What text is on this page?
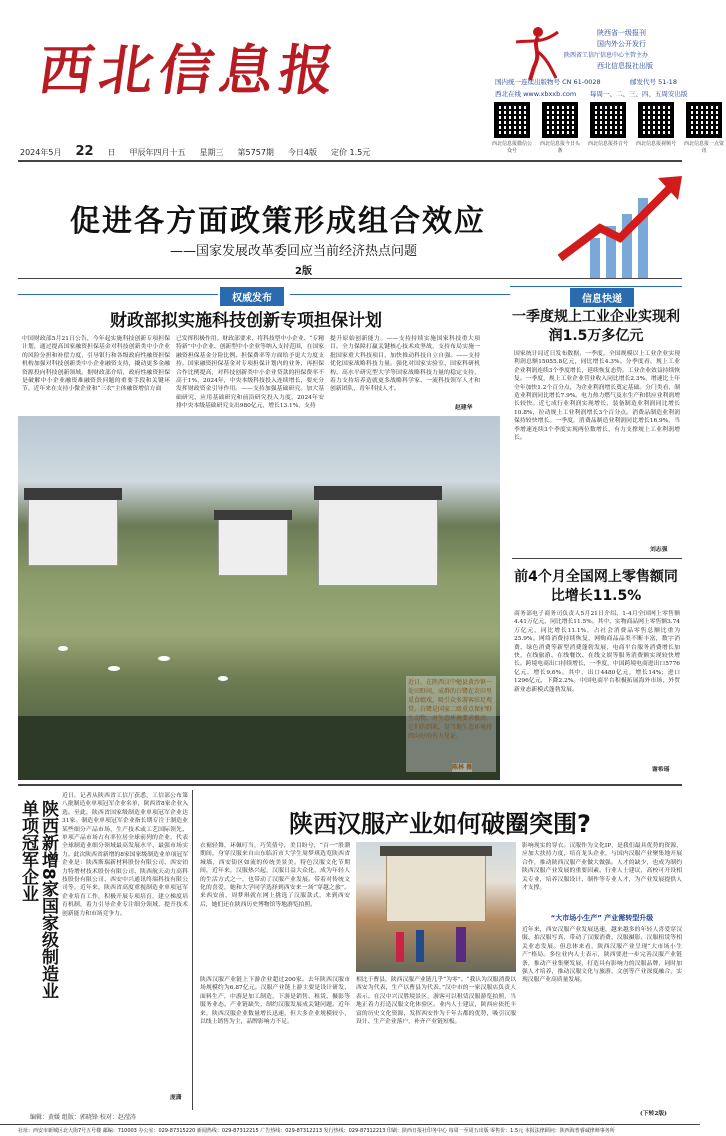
西北信息报
陕西省一级报刊
国内外公开发行
陕西省工信厅信息中心主管主办
西北信息报社出版
国内统一连续出版物号 CN 61-0028	邮发代号 51-18
西北在线 www.xbxxb.com 每周一、二、三、四、五周安出版
西北信息报微信公众号
西北信息报今日头条
西北信息报抖音号	西北信息报视频号	西北信息报一点资讯
2024年5月 22 日 甲辰年四月十五 星期三 第5757期 今日4版 定价 1.5元
促进各方面政策形成组合效应
——国家发展改革委回应当前经济热点问题
2版
权威发布
财政部拟实施科技创新专项担保计划
中国财政部5月21日公告，今年起实施科技创新专项担保计划，通过提高国家融资担保基金对科技创新类中小企业的风险分担和补偿力度，引导银行和各级政府性融资担保机构加强对科技创新类中小企业融资支持，撬动更多金融资源投向科技创新领域。据财政部介绍，政府性融资担保是破解中小企业融资难融资贵问题的重要手段和关键环节。近年来在支持小微企业和“三农”主体融资增信方面
已发挥积极作用。财政部要求，将科技型中小企业、“专精特新”中小企业、创新型中小企业等纳入支持范围，在国家融资担保基金分险比例、担保费率等方面给予更大力度支持。国家融资担保基金对专项担保计划内的业务，再担保合作比例提高，对科技创新类中小企业贷款的担保费率不高于1%，2024年，中央本级科技投入连续增长，要充分发挥财政资金引导作用。——支持加强基础研究。加大基础研究、应用基础研究和前沿研究投入力度，2024年安排中央本级基础研究支出980亿元，增长13.1%，支持
提升原始创新能力。——支持持续实施国家科技重大项目。全力保障打赢关键核心技术攻坚战，支持布局实施一批国家重大科技项目，加快推动科技自立自强。——支持优化国家战略科技力量。强化对国家实验室、国家科研机构、高水平研究型大学等国家战略科技力量的稳定支持，着力支持培养造就更多战略科学家、一流科技领军人才和创新团队，青年科技人才。
赵建华
近日，在陕西汉中勉县黄沙镇一处田野间，成群的白鹭在农田里觅食嬉戏，吸引众多游客驻足观赏。白鹭是国家二级重点保护野生动物，对生态环境要求极高，它们的到来，是当地生态环境持续向好的有力见证。
陈林 摄
信息快递
一季度规上工业企业实现利润1.5万多亿元
国家统计局近日发布数据，一季度，全国规模以上工业企业实现利润总额15055.8亿元，同比增长4.3%。分季度看，规上工业企业利润连续3个季度增长，延续恢复态势。工业企业效益持续恢复。一季度，规上工业企业营业收入同比增长2.3%，增速比上年全年加快1.2个百分点，为企业利润增长奠定基础。分门类看，制造业利润同比增长7.9%。电力热力燃气及水生产和供应业利润增长较快。近七成行业利润实现增长，装备制造业利润同比增长10.8%，拉动规上工业利润增长3个百分点。消费品制造业利润保持较快增长。一季度，消费品制造业利润同比增长16.9%，当季增速连续3个季度实现两位数增长，有力支撑规上工业利润增长。
刘志强
前4个月全国网上零售额同比增长11.5%
商务部电子商务司负责人5月21日介绍，1-4月全国网上零售额4.41万亿元，同比增长11.5%。其中，实物商品网上零售额3.74万亿元，同比增长11.1%，占社会消费品零售总额比重为25.9%。网络消费持续恢复，网购商品品类不断丰富，数字消费、绿色消费等新型消费蓬勃发展，电商平台服务消费增长加快，在线旅游、在线餐饮、在线文娱等服务消费额实现较快增长。跨境电商出口持续增长，一季度，中国跨境电商进出口5776亿元，增长9.6%。其中，出口4480亿元，增长14%；进口1296亿元，下降2.2%。中国电商平台积极拓展海外市场，外贸新业态新模式蓬勃发展。
谢希瑶
陕西新增8家国家级制造业单项冠军企业
近日，记者从陕西省工信厅获悉，工信部公布第八批制造业单项冠军企业名单，陕西省8家企业入选。至此，陕西省国家级制造业单项冠军企业达31家。制造业单项冠军企业指长期专注于制造业某些细分产品市场，生产技术或工艺国际领先、单项产品市场占有率位居全球前列的企业，代表全球制造业细分领域最高发展水平、最强市场实力。此次陕西省新增的8家国家级制造业单项冠军企业是：陕西斯瑞新材料股份有限公司、西安铂力特增材技术股份有限公司、陕西航天动力高科技股份有限公司、西安中兴通讯终端科技有限公司等。近年来，陕西省高度重视制造业单项冠军企业培育工作，积极开展专项培育，建立梯度培育机制，着力引导企业专注细分领域，提升技术创新能力和市场竞争力。
庞潇
编辑：黄媛 组版：郭晓锋 校对：赵滢涛
陕西汉服产业如何破圈突围?
衣裾轻舞，环佩叮当，巧笑倩兮，美目盼兮，“百一”股潮期间，身穿汉服来自山东临沂市大学生周梦琪选览陕西省城墙，西安街区如流的传统美景美。特色汉服文化节期间，近年来，汉服热兴起，汉服日益大众化，成为年轻人的生活方式之一，也带动了汉服产业发展。带着对传统文化的喜爱，她和大学同学选择到西安来一场“穿越之旅”。来西安前，周梦琪就在网上挑选了汉服款式，来到西安后，她们还在陕西历史博物馆等地游览拍照。
陕西汉服产业链上下游企业超过200家。去年陕西汉服市场规模约为6.87亿元。汉服产业链上游主要是设计研发、面料生产，中游是加工制造，下游是销售、租赁、摄影等服务业态。产业链缺失，制约汉服发展成关键问题。近年来，陕西汉服企业数量增长迅速，但大多企业规模较小，以线上销售为主，品牌影响力不足。
相比于曹县，陕西汉服产业链几乎“为零”。“我认为汉服消费以西安为代表，生产以曹县为代表。”汉中市的一家汉服店负责人表示。在汉中兴汉胜境景区，游客可以租赁汉服游览拍照，当地正着力打造汉服文化体验区。业内人士建议，陕西应依托丰富的历史文化资源，发挥西安作为千年古都的优势，吸引汉服设计、生产企业落户，补齐产业链短板。
影响现实的穿衣。汉服作为文化IP，是我们最具优势的资源，应加大扶持力度，培育龙头企业，与国内汉服产业聚集地开展合作，推动陕西汉服产业做大做强。人才的缺少，也成为制约陕西汉服产业发展的重要因素。行业人士建议，高校可开设相关专业，培养汉服设计、制作等专业人才，为产业发展提供人才支撑。
“大市场小生产” 产业需转型升级
近年来，西安汉服产业发展迅速，越来越多的年轻人喜爱穿汉服、拍汉服写真，带动了汉服消费、汉服摄影、汉服租赁等相关业态发展。但总体来看，陕西汉服产业呈现“大市场小生产”格局。多位业内人士表示，陕西要进一步完善汉服产业链条，推动产业集聚发展，打造具有影响力的汉服品牌，同时加强人才培养，推动汉服文化与旅游、文创等产业深度融合，实现汉服产业高质量发展。
(下转2版)
社址：西安市新城区北大街7号五号楼 邮编：710003 办公室：029-87315220 新闻热线：029-87312215 广告热线：029-87312213 发行热线：029-87312213 印刷：陕西日报社印务中心 每周一至周五出版 零售价：1.5元 本报法律顾问：陕西海普睿诚律师事务所
